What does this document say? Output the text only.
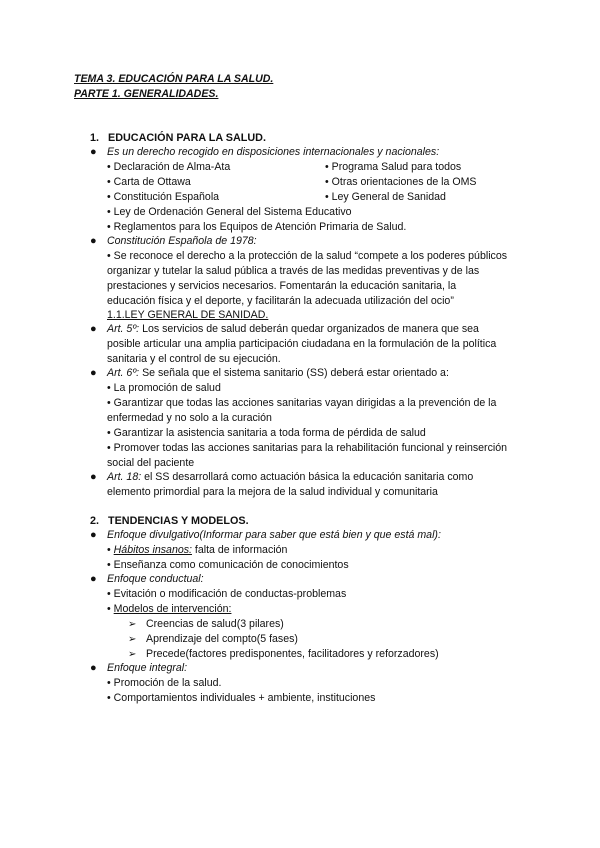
TEMA 3. EDUCACIÓN PARA LA SALUD.
PARTE 1. GENERALIDADES.
1. EDUCACIÓN PARA LA SALUD.
● Es un derecho recogido en disposiciones internacionales y nacionales:
• Declaración de Alma-Ata	• Programa Salud para todos
• Carta de Ottawa	• Otras orientaciones de la OMS
• Constitución Española	• Ley General de Sanidad
• Ley de Ordenación General del Sistema Educativo
• Reglamentos para los Equipos de Atención Primaria de Salud.
● Constitución Española de 1978:
• Se reconoce el derecho a la protección de la salud “compete a los poderes públicos
organizar y tutelar la salud pública a través de las medidas preventivas y de las
prestaciones y servicios necesarios. Fomentarán la educación sanitaria, la
educación física y el deporte, y facilitarán la adecuada utilización del ocio”
1.1.LEY GENERAL DE SANIDAD.
● Art. 5º: Los servicios de salud deberán quedar organizados de manera que sea
posible articular una amplia participación ciudadana en la formulación de la política
sanitaria y el control de su ejecución.
● Art. 6º: Se señala que el sistema sanitario (SS) deberá estar orientado a:
• La promoción de salud
• Garantizar que todas las acciones sanitarias vayan dirigidas a la prevención de la
enfermedad y no solo a la curación
• Garantizar la asistencia sanitaria a toda forma de pérdida de salud
• Promover todas las acciones sanitarias para la rehabilitación funcional y reinserción
social del paciente
● Art. 18: el SS desarrollará como actuación básica la educación sanitaria como
elemento primordial para la mejora de la salud individual y comunitaria
2. TENDENCIAS Y MODELOS.
● Enfoque divulgativo(Informar para saber que está bien y que está mal):
• Hábitos insanos: falta de información
• Enseñanza como comunicación de conocimientos
● Enfoque conductual:
• Evitación o modificación de conductas-problemas
• Modelos de intervención:
➢ Creencias de salud(3 pilares)
➢ Aprendizaje del compto(5 fases)
➢ Precede(factores predisponentes, facilitadores y reforzadores)
● Enfoque integral:
• Promoción de la salud.
• Comportamientos individuales + ambiente, instituciones
